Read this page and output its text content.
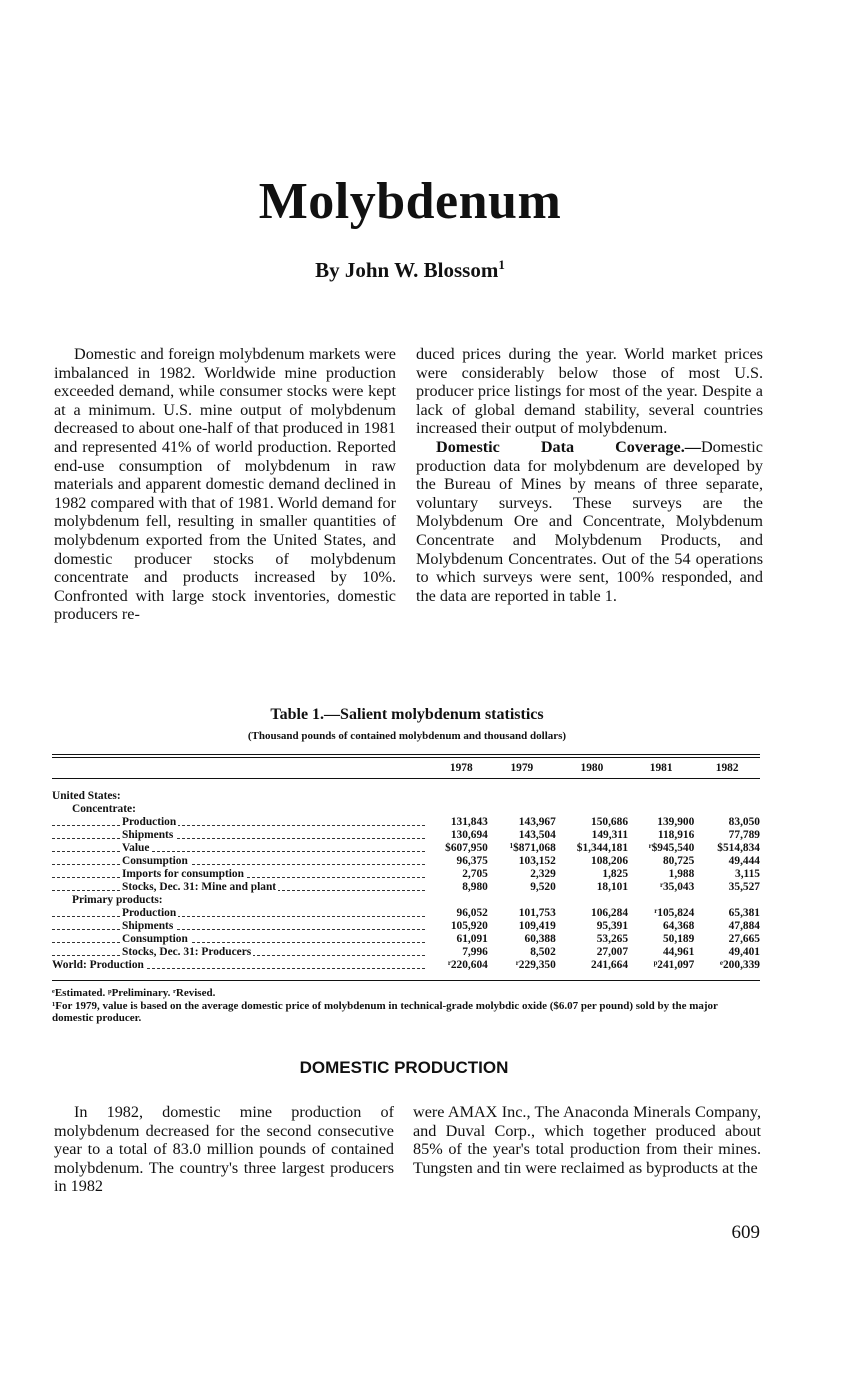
Molybdenum
By John W. Blossom$^1$

Domestic and foreign molybdenum markets were imbalanced in 1982. Worldwide mine production exceeded demand, while consumer stocks were kept at a minimum. U.S. mine output of molybdenum decreased to about one-half of that produced in 1981 and represented 41% of world production. Reported end-use consumption of molybdenum in raw materials and apparent domestic demand declined in 1982 compared with that of 1981. World demand for molybdenum fell, resulting in smaller quantities of molybdenum exported from the United States, and domestic producer stocks of molybdenum concentrate and products increased by 10%. Confronted with large stock inventories, domestic producers re-

duced prices during the year. World market prices were considerably below those of most U.S. producer price listings for most of the year. Despite a lack of global demand stability, several countries increased their output of molybdenum.

Domestic Data Coverage.—Domestic production data for molybdenum are developed by the Bureau of Mines by means of three separate, voluntary surveys. These surveys are the Molybdenum Ore and Concentrate, Molybdenum Concentrate and Molybdenum Products, and Molybdenum Concentrates. Out of the 54 operations to which surveys were sent, 100% responded, and the data are reported in table 1.

Table 1.—Salient molybdenum statistics
(Thousand pounds of contained molybdenum and thousand dollars)
	1978	1979	1980	1981	1982

United States:					
Concentrate:					
Production	131,843	143,967	150,686	139,900	83,050
Shipments	130,694	143,504	149,311	118,916	77,789
Value	$607,950	¹$871,068	$1,344,181	ʳ$945,540	$514,834
Consumption	96,375	103,152	108,206	80,725	49,444
Imports for consumption	2,705	2,329	1,825	1,988	3,115
Stocks, Dec. 31: Mine and plant	8,980	9,520	18,101	ʳ35,043	35,527
Primary products:					
Production	96,052	101,753	106,284	ʳ105,824	65,381
Shipments	105,920	109,419	95,391	64,368	47,884
Consumption	61,091	60,388	53,265	50,189	27,665
Stocks, Dec. 31: Producers	7,996	8,502	27,007	44,961	49,401
World: Production	ʳ220,604	ʳ229,350	241,664	ᵖ241,097	ᵉ200,339

ᵉEstimated. ᵖPreliminary. ʳRevised.

¹For 1979, value is based on the average domestic price of molybdenum in technical-grade molybdic oxide ($6.07 per pound) sold by the major domestic producer.

DOMESTIC PRODUCTION

In 1982, domestic mine production of molybdenum decreased for the second consecutive year to a total of 83.0 million pounds of contained molybdenum. The country's three largest producers in 1982

were AMAX Inc., The Anaconda Minerals Company, and Duval Corp., which together produced about 85% of the year's total production from their mines. Tungsten and tin were reclaimed as byproducts at the

609
